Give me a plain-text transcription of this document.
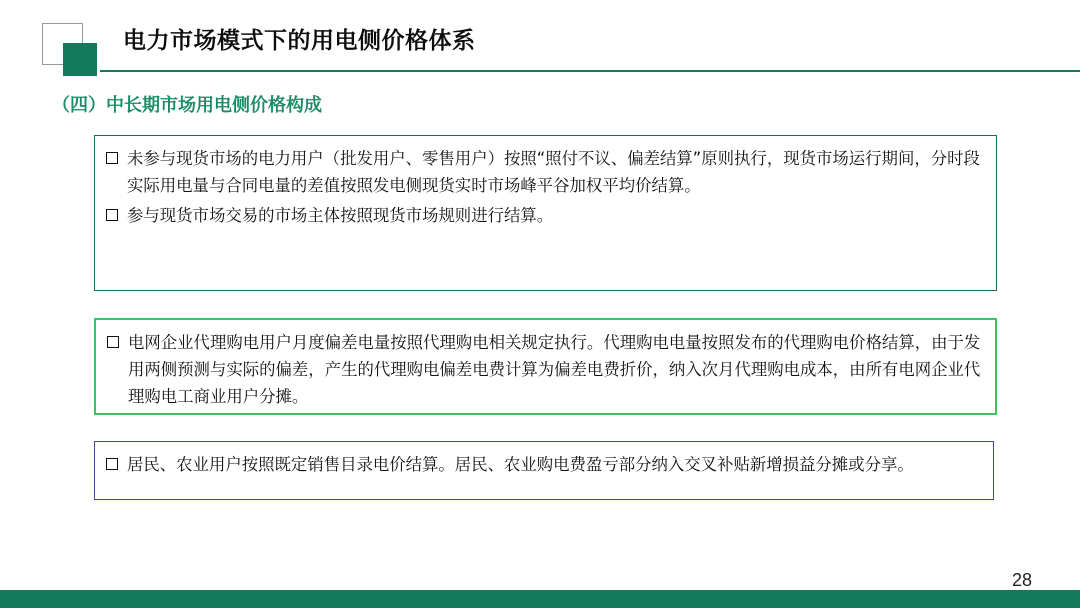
电力市场模式下的用电侧价格体系
（四）中长期市场用电侧价格构成
未参与现货市场的电力用户（批发用户、零售用户）按照“照付不议、偏差结算”原则执行，现货市场运行期间，分时段实际用电量与合同电量的差值按照发电侧现货实时市场峰平谷加权平均价结算。
参与现货市场交易的市场主体按照现货市场规则进行结算。
电网企业代理购电用户月度偏差电量按照代理购电相关规定执行。代理购电电量按照发布的代理购电价格结算，由于发用两侧预测与实际的偏差，产生的代理购电偏差电费计算为偏差电费折价，纳入次月代理购电成本，由所有电网企业代理购电工商业用户分摊。
居民、农业用户按照既定销售目录电价结算。居民、农业购电费盈亏部分纳入交叉补贴新增损益分摊或分享。
28
